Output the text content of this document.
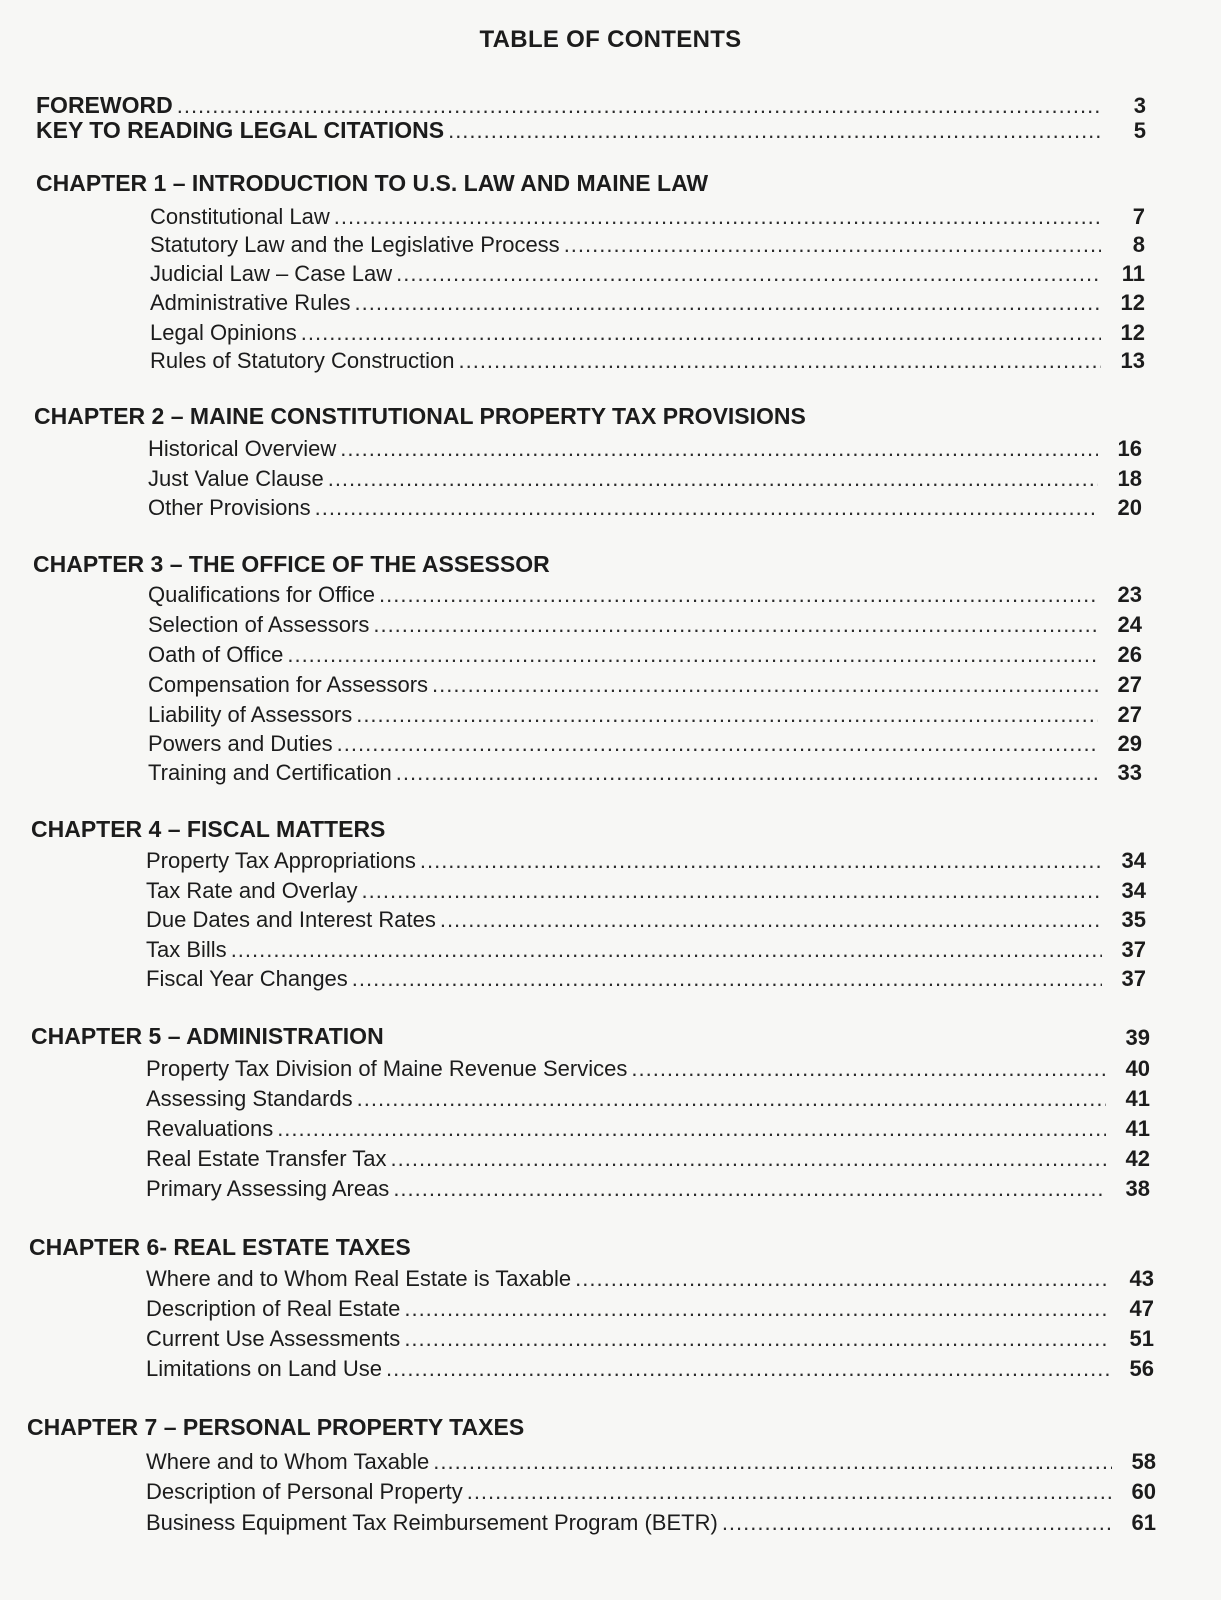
TABLE OF CONTENTS
FOREWORD .....	3
KEY TO READING LEGAL CITATIONS .....	5
CHAPTER 1 – INTRODUCTION TO U.S. LAW AND MAINE LAW
Constitutional Law .....	7
Statutory Law and the Legislative Process .....	8
Judicial Law – Case Law .....	11
Administrative Rules .....	12
Legal Opinions .....	12
Rules of Statutory Construction .....	13
CHAPTER 2 – MAINE CONSTITUTIONAL PROPERTY TAX PROVISIONS
Historical Overview .....	16
Just Value Clause .....	18
Other Provisions .....	20
CHAPTER 3 – THE OFFICE OF THE ASSESSOR
Qualifications for Office .....	23
Selection of Assessors .....	24
Oath of Office .....	26
Compensation for Assessors .....	27
Liability of Assessors .....	27
Powers and Duties .....	29
Training and Certification .....	33
CHAPTER 4 – FISCAL MATTERS
Property Tax Appropriations .....	34
Tax Rate and Overlay .....	34
Due Dates and Interest Rates .....	35
Tax Bills .....	37
Fiscal Year Changes .....	37
CHAPTER 5 – ADMINISTRATION	39
Property Tax Division of Maine Revenue Services .....	40
Assessing Standards .....	41
Revaluations .....	41
Real Estate Transfer Tax .....	42
Primary Assessing Areas .....	38
CHAPTER 6- REAL ESTATE TAXES
Where and to Whom Real Estate is Taxable .....	43
Description of Real Estate .....	47
Current Use Assessments .....	51
Limitations on Land Use .....	56
CHAPTER 7 – PERSONAL PROPERTY TAXES
Where and to Whom Taxable .....	58
Description of Personal Property .....	60
Business Equipment Tax Reimbursement Program (BETR) .....	61
